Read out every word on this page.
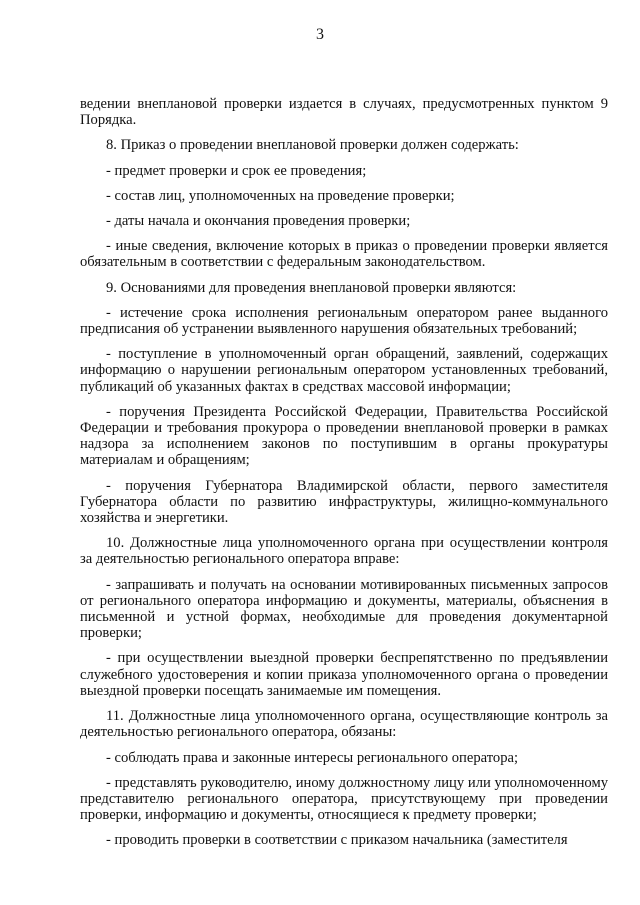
3

ведении внеплановой проверки издается в случаях, предусмотренных пунктом 9 Порядка.

8. Приказ о проведении внеплановой проверки должен содержать:

- предмет проверки и срок ее проведения;

- состав лиц, уполномоченных на проведение проверки;

- даты начала и окончания проведения проверки;

- иные сведения, включение которых в приказ о проведении проверки является обязательным в соответствии с федеральным законодательством.

9. Основаниями для проведения внеплановой проверки являются:

- истечение срока исполнения региональным оператором ранее выданного предписания об устранении выявленного нарушения обязательных требований;

- поступление в уполномоченный орган обращений, заявлений, содержащих информацию о нарушении региональным оператором установленных требований, публикаций об указанных фактах в средствах массовой информации;

- поручения Президента Российской Федерации, Правительства Российской Федерации и требования прокурора о проведении внеплановой проверки в рамках надзора за исполнением законов по поступившим в органы прокуратуры материалам и обращениям;

- поручения Губернатора Владимирской области, первого заместителя Губернатора области по развитию инфраструктуры, жилищно-коммунального хозяйства и энергетики.

10. Должностные лица уполномоченного органа при осуществлении контроля за деятельностью регионального оператора вправе:

- запрашивать и получать на основании мотивированных письменных запросов от регионального оператора информацию и документы, материалы, объяснения в письменной и устной формах, необходимые для проведения документарной проверки;

- при осуществлении выездной проверки беспрепятственно по предъявлении служебного удостоверения и копии приказа уполномоченного органа о проведении выездной проверки посещать занимаемые им помещения.

11. Должностные лица уполномоченного органа, осуществляющие контроль за деятельностью регионального оператора, обязаны:

- соблюдать права и законные интересы регионального оператора;

- представлять руководителю, иному должностному лицу или уполномоченному представителю регионального оператора, присутствующему при проведении проверки, информацию и документы, относящиеся к предмету проверки;

- проводить проверки в соответствии с приказом начальника (заместителя
